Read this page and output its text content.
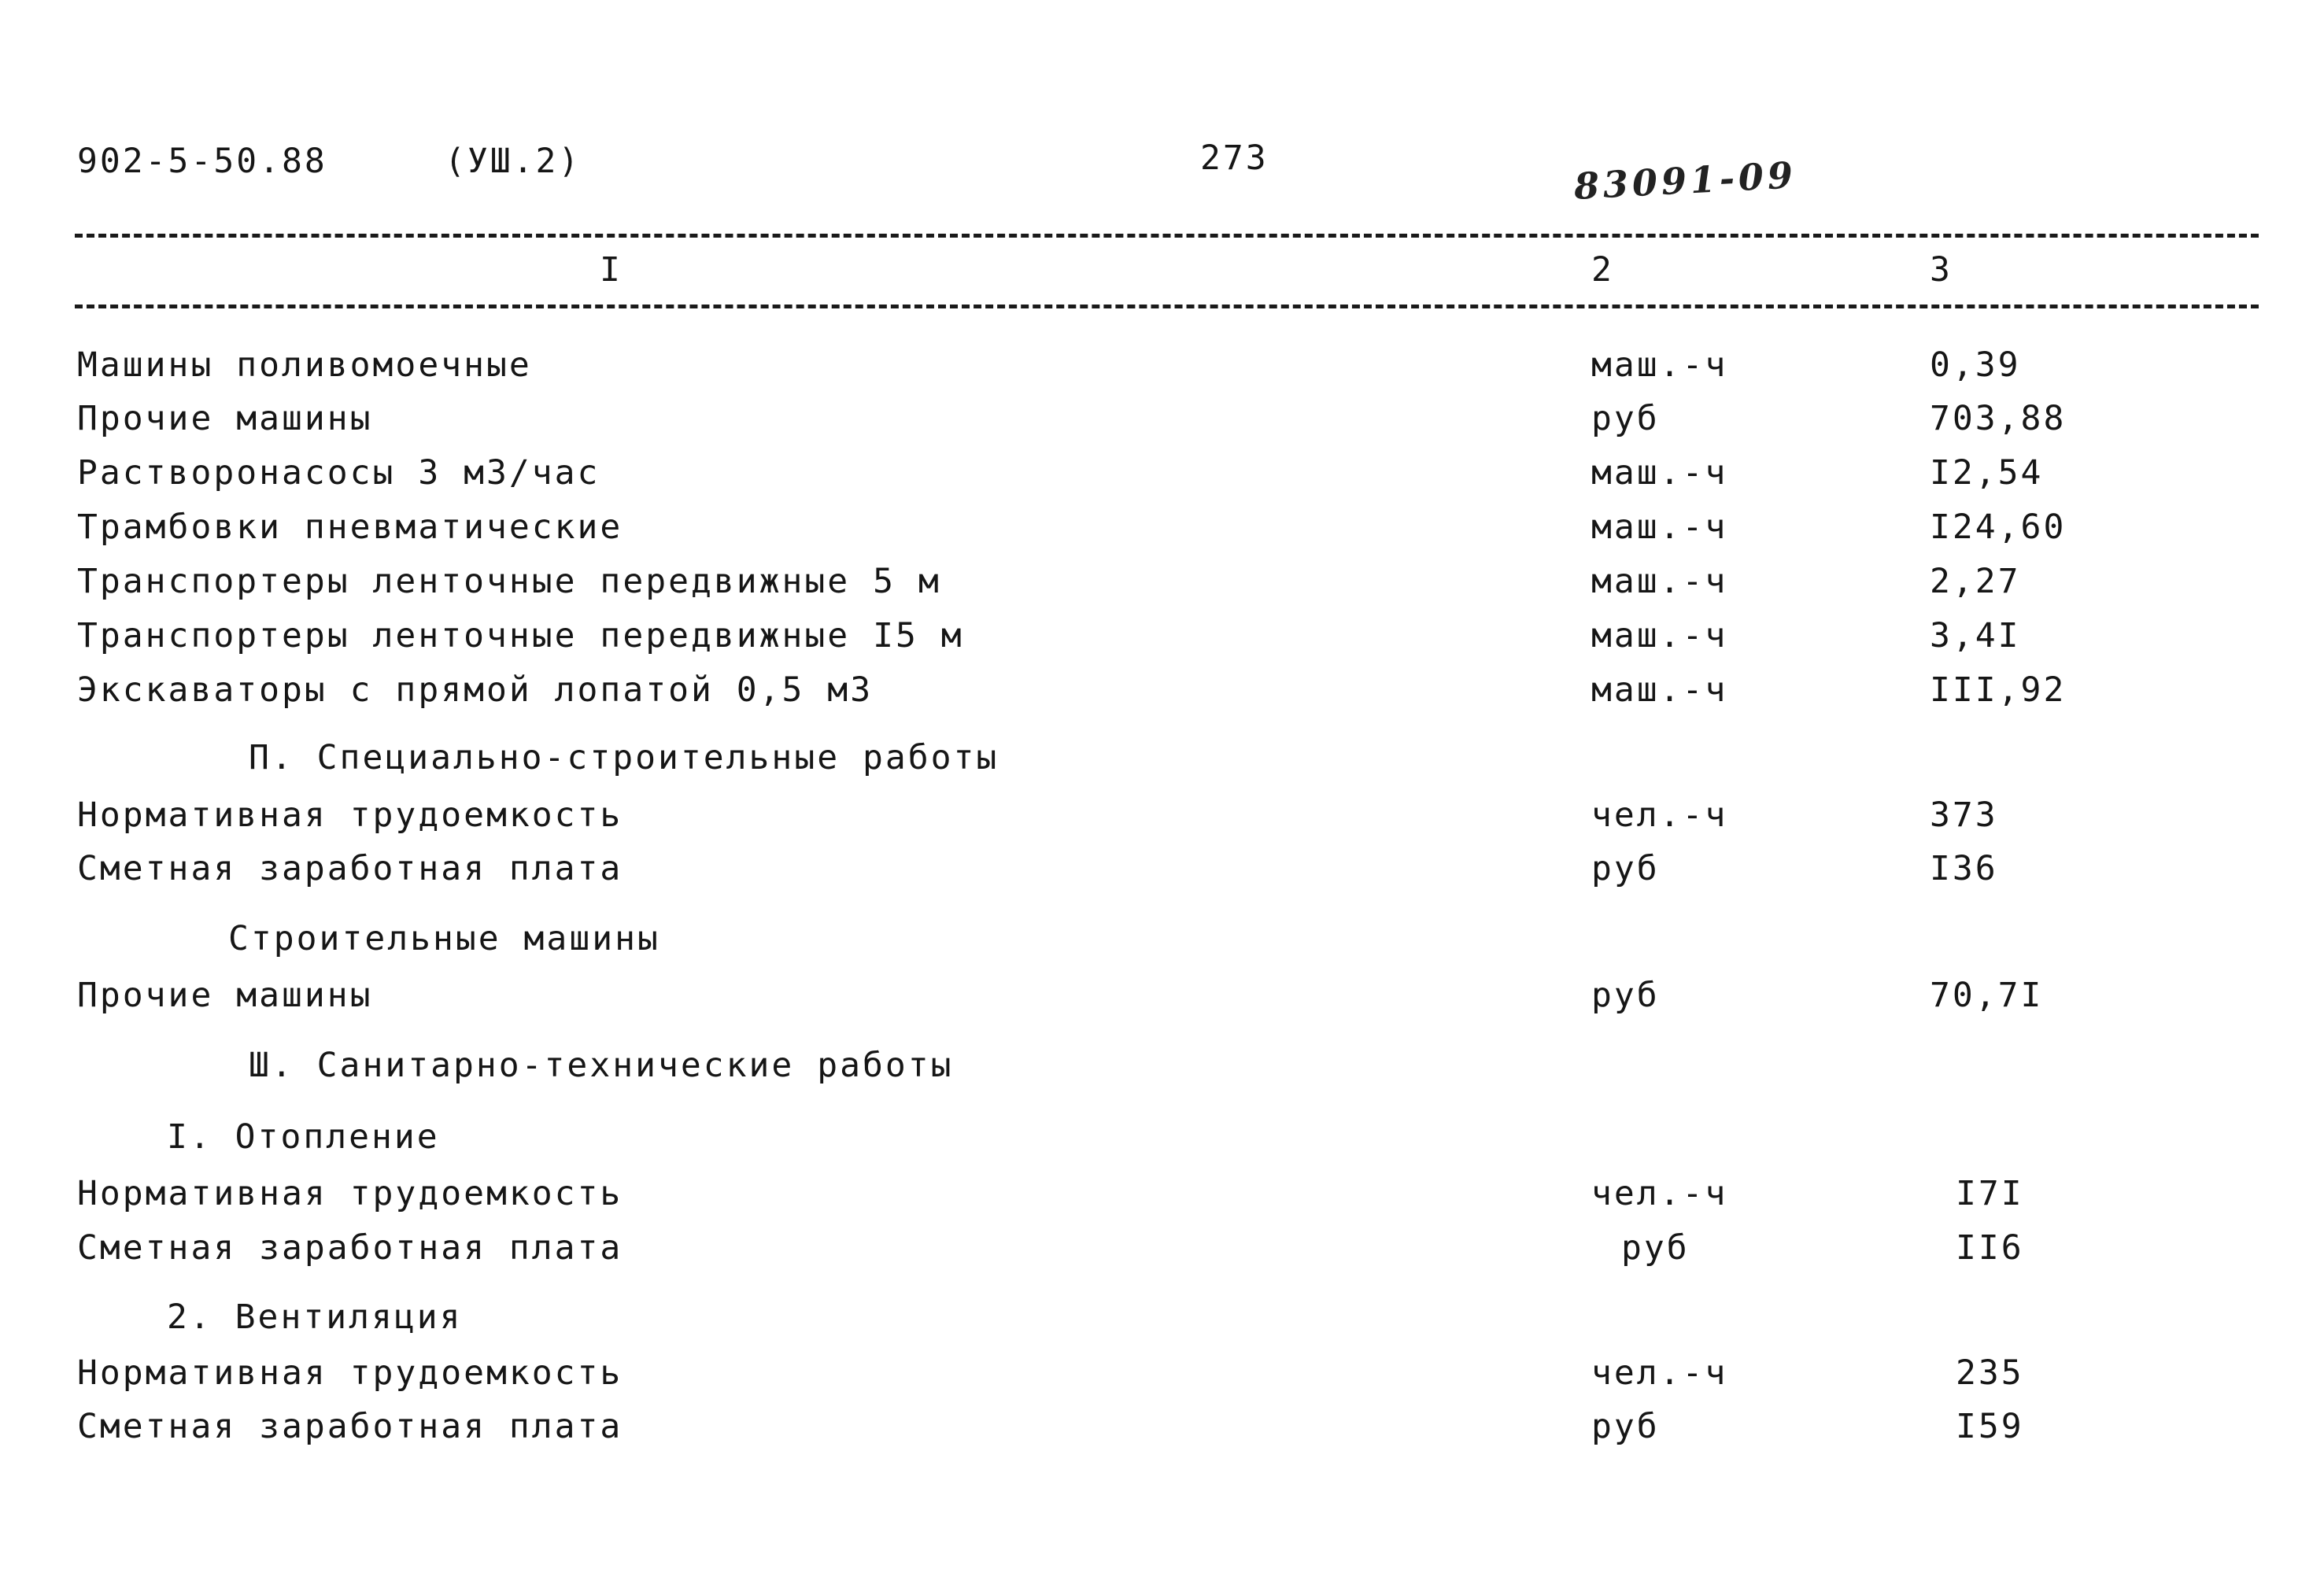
902-5-50.88	(УШ.2)	273	83091-09
I	2	3
Машины поливомоечные	маш.-ч	0,39
Прочие машины	руб	703,88
Растворонасосы 3 м3/час	маш.-ч	I2,54
Трамбовки пневматические	маш.-ч	I24,60
Транспортеры ленточные передвижные 5 м	маш.-ч	2,27
Транспортеры ленточные передвижные I5 м	маш.-ч	3,4I
Экскаваторы с прямой лопатой 0,5 м3	маш.-ч	III,92
П. Специально-строительные работы
Нормативная трудоемкость	чел.-ч	373
Сметная заработная плата	руб	I36
Строительные машины
Прочие машины	руб	70,7I
Ш. Санитарно-технические работы
I. Отопление
Нормативная трудоемкость	чел.-ч	I7I
Сметная заработная плата	руб	II6
2. Вентиляция
Нормативная трудоемкость	чел.-ч	235
Сметная заработная плата	руб	I59
